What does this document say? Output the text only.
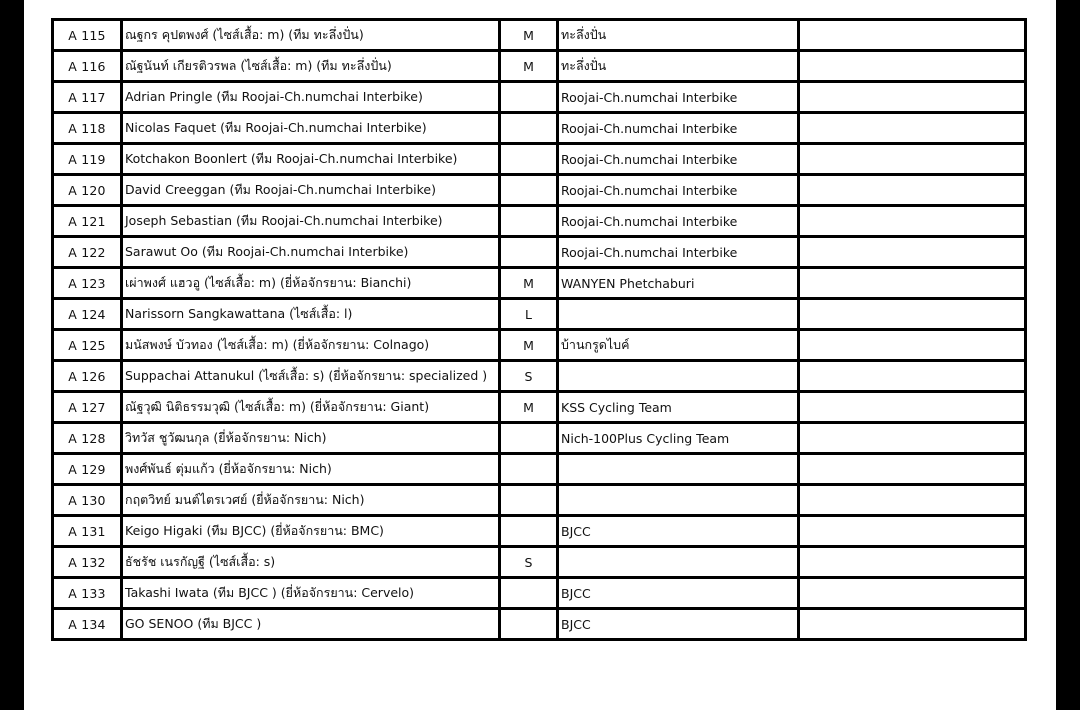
A 115	ณฐกร คุปตพงศ์ (ไซส์เสื้อ: m) (ทีม ทะลึ่งปั่น)	M	ทะลึ่งปั่น	
A 116	ณัฐนันท์ เกียรติวรพล (ไซส์เสื้อ: m) (ทีม ทะลึ่งปั่น)	M	ทะลึ่งปั่น	
A 117	Adrian Pringle (ทีม Roojai-Ch.numchai Interbike)		Roojai-Ch.numchai Interbike	
A 118	Nicolas Faquet (ทีม Roojai-Ch.numchai Interbike)		Roojai-Ch.numchai Interbike	
A 119	Kotchakon Boonlert (ทีม Roojai-Ch.numchai Interbike)		Roojai-Ch.numchai Interbike	
A 120	David Creeggan (ทีม Roojai-Ch.numchai Interbike)		Roojai-Ch.numchai Interbike	
A 121	Joseph Sebastian (ทีม Roojai-Ch.numchai Interbike)		Roojai-Ch.numchai Interbike	
A 122	Sarawut Oo (ทีม Roojai-Ch.numchai Interbike)		Roojai-Ch.numchai Interbike	
A 123	เผ่าพงศ์ แฮวอู (ไซส์เสื้อ: m) (ยี่ห้อจักรยาน: Bianchi)	M	WANYEN Phetchaburi	
A 124	Narissorn Sangkawattana (ไซส์เสื้อ: l)	L		
A 125	มนัสพงษ์ บัวทอง (ไซส์เสื้อ: m) (ยี่ห้อจักรยาน: Colnago)	M	บ้านกรูดไบค์	
A 126	Suppachai Attanukul (ไซส์เสื้อ: s) (ยี่ห้อจักรยาน: specialized )	S		
A 127	ณัฐวุฒิ นิติธรรมวุฒิ (ไซส์เสื้อ: m) (ยี่ห้อจักรยาน: Giant)	M	KSS Cycling Team	
A 128	วิทวัส ชูวัฒนกุล (ยี่ห้อจักรยาน: Nich)		Nich-100Plus Cycling Team	
A 129	พงศ์พันธ์ ตุ่มแก้ว (ยี่ห้อจักรยาน: Nich)			
A 130	กฤตวิทย์ มนต์ไตรเวศย์ (ยี่ห้อจักรยาน: Nich)			
A 131	Keigo Higaki (ทีม BJCC) (ยี่ห้อจักรยาน: BMC)		BJCC	
A 132	ธัชรัช เนรกัญฐี (ไซส์เสื้อ: s)	S		
A 133	Takashi Iwata (ทีม BJCC ) (ยี่ห้อจักรยาน: Cervelo)		BJCC	
A 134	GO SENOO (ทีม BJCC )		BJCC	
